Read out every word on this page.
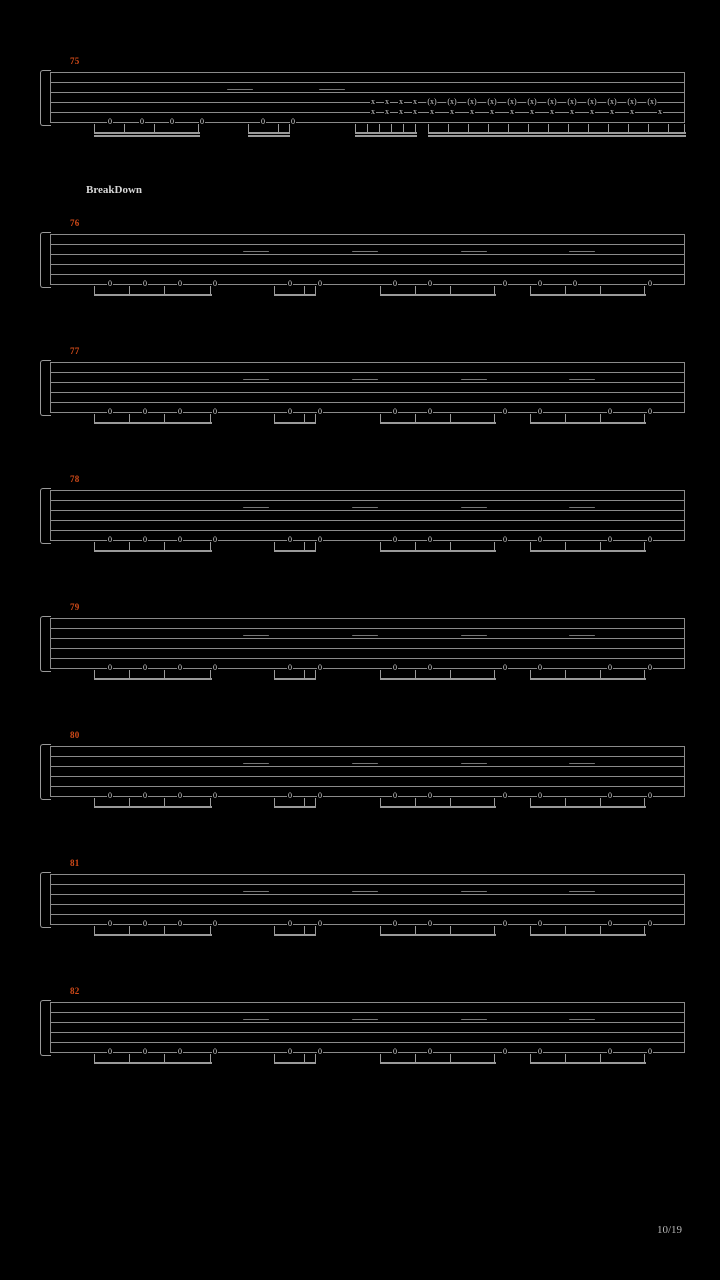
BreakDown
75
0	0	0	0	0	0
x
x
x
x
x
x
x
x
(x)
x
(x)
x
(x)
x
(x)
x
(x)
x
(x)
x
(x)
x
(x)
x
(x)
x
(x)
x
(x)
x
(x)
x
⸺	⸺
76
0	0	0	0	0	0	0	0	0	0	0	0
⸺	⸺	⸺	⸺
77
0	0	0	0	0	0	0	0	0	0	0	0
⸺	⸺	⸺	⸺
78
0	0	0	0	0	0	0	0	0	0	0	0
⸺	⸺	⸺	⸺
79
0	0	0	0	0	0	0	0	0	0	0	0
⸺	⸺	⸺	⸺
80
0	0	0	0	0	0	0	0	0	0	0	0
⸺	⸺	⸺	⸺
81
0	0	0	0	0	0	0	0	0	0	0	0
⸺	⸺	⸺	⸺
82
0	0	0	0	0	0	0	0	0	0	0	0
⸺	⸺	⸺	⸺
10/19
